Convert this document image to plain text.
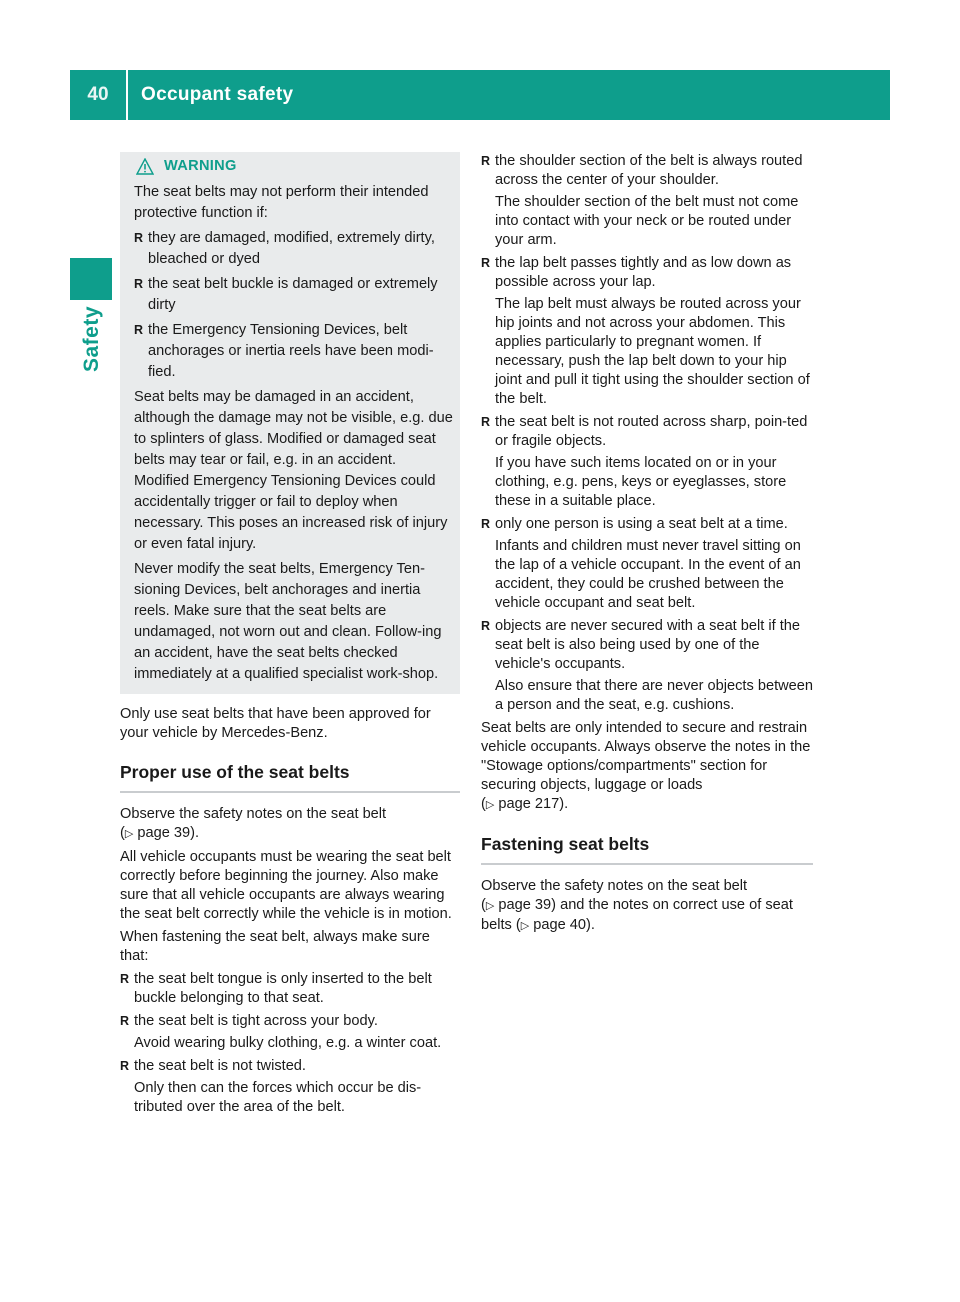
40	Occupant safety
Safety
WARNING

The seat belts may not perform their intended protective function if:

R they are damaged, modified, extremely dirty, bleached or dyed
R the seat belt buckle is damaged or extremely dirty
R the Emergency Tensioning Devices, belt anchorages or inertia reels have been modi-fied.

Seat belts may be damaged in an accident, although the damage may not be visible, e.g. due to splinters of glass. Modified or damaged seat belts may tear or fail, e.g. in an accident. Modified Emergency Tensioning Devices could accidentally trigger or fail to deploy when necessary. This poses an increased risk of injury or even fatal injury.

Never modify the seat belts, Emergency Ten-sioning Devices, belt anchorages and inertia reels. Make sure that the seat belts are undamaged, not worn out and clean. Follow-ing an accident, have the seat belts checked immediately at a qualified specialist work-shop.

Only use seat belts that have been approved for your vehicle by Mercedes-Benz.

Proper use of the seat belts

Observe the safety notes on the seat belt
(▷ page 39).

All vehicle occupants must be wearing the seat belt correctly before beginning the journey. Also make sure that all vehicle occupants are always wearing the seat belt correctly while the vehicle is in motion.

When fastening the seat belt, always make sure that:

R the seat belt tongue is only inserted to the belt buckle belonging to that seat.
R the seat belt is tight across your body.
Avoid wearing bulky clothing, e.g. a winter coat.
R the seat belt is not twisted.
Only then can the forces which occur be dis-tributed over the area of the belt.
R the shoulder section of the belt is always routed across the center of your shoulder.
The shoulder section of the belt must not come into contact with your neck or be routed under your arm.
R the lap belt passes tightly and as low down as possible across your lap.
The lap belt must always be routed across your hip joints and not across your abdomen. This applies particularly to pregnant women. If necessary, push the lap belt down to your hip joint and pull it tight using the shoulder section of the belt.
R the seat belt is not routed across sharp, poin-ted or fragile objects.
If you have such items located on or in your clothing, e.g. pens, keys or eyeglasses, store these in a suitable place.
R only one person is using a seat belt at a time.
Infants and children must never travel sitting on the lap of a vehicle occupant. In the event of an accident, they could be crushed between the vehicle occupant and seat belt.
R objects are never secured with a seat belt if the seat belt is also being used by one of the vehicle's occupants.
Also ensure that there are never objects between a person and the seat, e.g. cushions.

Seat belts are only intended to secure and restrain vehicle occupants. Always observe the notes in the "Stowage options/compartments" section for securing objects, luggage or loads
(▷ page 217).

Fastening seat belts

Observe the safety notes on the seat belt
(▷ page 39) and the notes on correct use of seat belts (▷ page 40).
